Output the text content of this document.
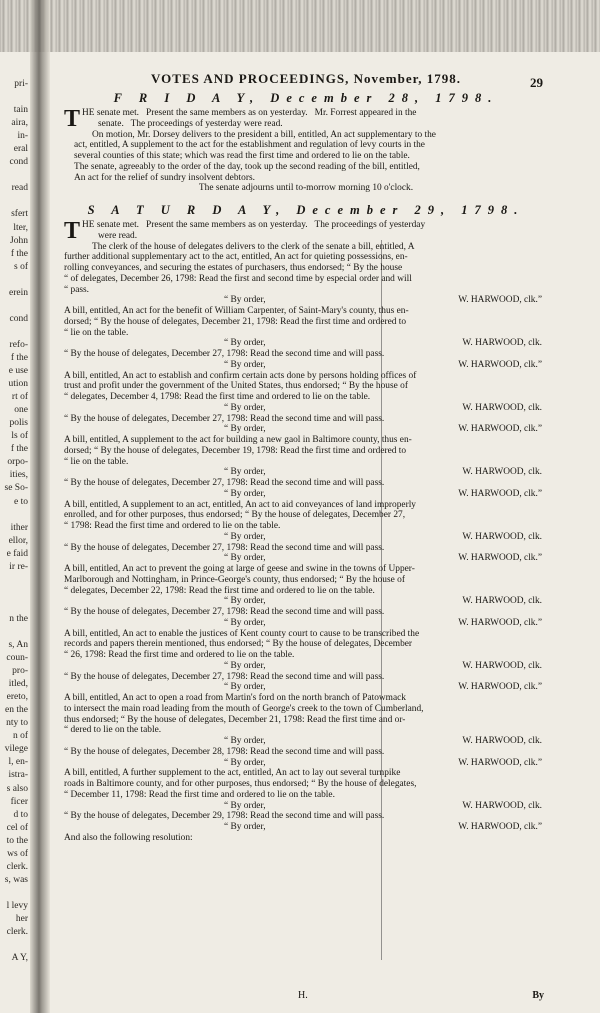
pri-
tain
aira,
in-
eral
cond
read
sfert
lter,
John
f the
s of
erein
cond
refo-
f the
e use
ution
rt of
one
polis
ls of
f the
orpo-
ities,
se So-
e to
ither
ellor,
e faid
ir re-
n the
s, An
coun-
pro-
itled,
ereto,
en the
nty to
n of
vilege
l, en-
istra-
s also
ficer
d to
cel of
to the
ws of
clerk.
s, was
l levy
her
clerk.
A Y,
29
VOTES AND PROCEEDINGS, November, 1798.
F R I D A Y, December 28, 1798.
T HE senate met.   Present the same members as on yesterday.   Mr. Forrest appeared in the
senate.   The proceedings of yesterday were read.
On motion, Mr. Dorsey delivers to the president a bill, entitled, An act supplementary to the
act, entitled, A supplement to the act for the establishment and regulation of levy courts in the
several counties of this state; which was read the first time and ordered to lie on the table.
The senate, agreeably to the order of the day, took up the second reading of the bill, entitled,
An act for the relief of sundry insolvent debtors.
The senate adjourns until to-morrow morning 10 o'clock.
S A T U R D A Y, December 29, 1798.
T HE senate met.   Present the same members as on yesterday.   The proceedings of yesterday
were read.
The clerk of the house of delegates delivers to the clerk of the senate a bill, entitled, A
further additional supplementary act to the act, entitled, An act for quieting possessions, en-
rolling conveyances, and securing the estates of purchasers, thus endorsed; “ By the house
“ of delegates, December 26, 1798: Read the first and second time by especial order and will
“ pass.
“ By order,	W. HARWOOD, clk.”
A bill, entitled, An act for the benefit of William Carpenter, of Saint-Mary's county, thus en-
dorsed; “ By the house of delegates, December 21, 1798: Read the first time and ordered to
“ lie on the table.
“ By order,	W. HARWOOD, clk.
“ By the house of delegates, December 27, 1798: Read the second time and will pass.
“ By order,	W. HARWOOD, clk.”
A bill, entitled, An act to establish and confirm certain acts done by persons holding offices of
trust and profit under the government of the United States, thus endorsed; “ By the house of
“ delegates, December 4, 1798: Read the first time and ordered to lie on the table.
“ By order,	W. HARWOOD, clk.
“ By the house of delegates, December 27, 1798: Read the second time and will pass.
“ By order,	W. HARWOOD, clk.”
A bill, entitled, A supplement to the act for building a new gaol in Baltimore county, thus en-
dorsed; “ By the house of delegates, December 19, 1798: Read the first time and ordered to
“ lie on the table.
“ By order,	W. HARWOOD, clk.
“ By the house of delegates, December 27, 1798: Read the second time and will pass.
“ By order,	W. HARWOOD, clk.”
A bill, entitled, A supplement to an act, entitled, An act to aid conveyances of land improperly
enrolled, and for other purposes, thus endorsed; “ By the house of delegates, December 27,
“ 1798: Read the first time and ordered to lie on the table.
“ By order,	W. HARWOOD, clk.
“ By the house of delegates, December 27, 1798: Read the second time and will pass.
“ By order,	W. HARWOOD, clk.”
A bill, entitled, An act to prevent the going at large of geese and swine in the towns of Upper-
Marlborough and Nottingham, in Prince-George's county, thus endorsed; “ By the house of
“ delegates, December 22, 1798: Read the first time and ordered to lie on the table.
“ By order,	W. HARWOOD, clk.
“ By the house of delegates, December 27, 1798: Read the second time and will pass.
“ By order,	W. HARWOOD, clk.”
A bill, entitled, An act to enable the justices of Kent county court to cause to be transcribed the
records and papers therein mentioned, thus endorsed; “ By the house of delegates, December
“ 26, 1798: Read the first time and ordered to lie on the table.
“ By order,	W. HARWOOD, clk.
“ By the house of delegates, December 27, 1798: Read the second time and will pass.
“ By order,	W. HARWOOD, clk.”
A bill, entitled, An act to open a road from Martin's ford on the north branch of Patowmack
to intersect the main road leading from the mouth of George's creek to the town of Cumberland,
thus endorsed; “ By the house of delegates, December 21, 1798: Read the first time and or-
“ dered to lie on the table.
“ By order,	W. HARWOOD, clk.
“ By the house of delegates, December 28, 1798: Read the second time and will pass.
“ By order,	W. HARWOOD, clk.”
A bill, entitled, A further supplement to the act, entitled, An act to lay out several turnpike
roads in Baltimore county, and for other purposes, thus endorsed; “ By the house of delegates,
“ December 11, 1798: Read the first time and ordered to lie on the table.
“ By order,	W. HARWOOD, clk.
“ By the house of delegates, December 29, 1798: Read the second time and will pass.
“ By order,	W. HARWOOD, clk.”
And also the following resolution:
H.	By
